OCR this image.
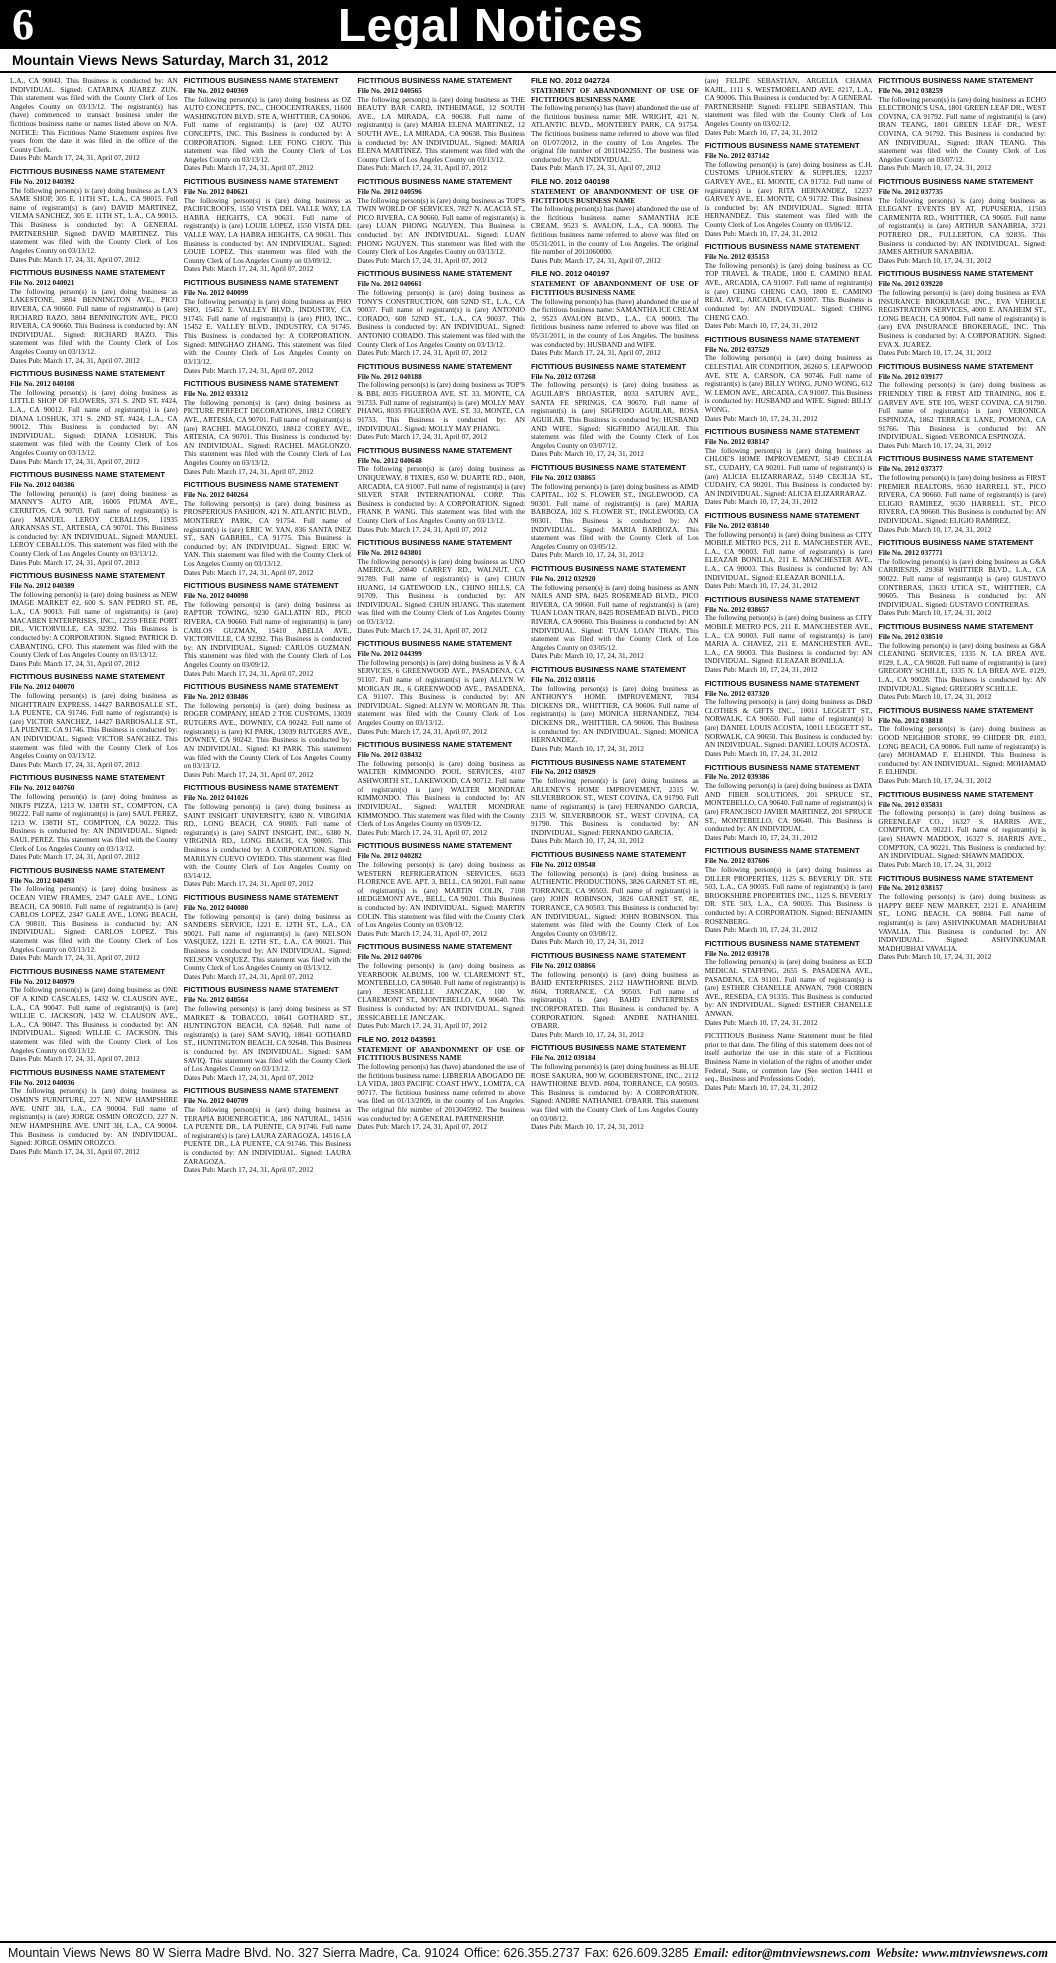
6	Legal Notices
Mountain Views News Saturday, March 31, 2012
L.A., CA 90043. This Business is conducted by: AN INDIVIDUAL. Signed: CATARINA JUAREZ ZUN. This statement was filed with the County Clerk of Los Angeles County on 03/13/12. The registrant(s) has (have) commenced to transact business under the fictitious business name or names listed above on N/A. NOTICE: This Fictitious Name Statement expires five years from the date it was filed in the office of the County Clerk.
Dates Pub: March 17, 24, 31, April 07, 2012
FICTITIOUS BUSINESS NAME STATEMENT
File No. 2012 040392
The following person(s) is (are) doing business as LA'S SAME SHOP, 305 E. 11TH ST., L.A., CA 90015. Full name of registrant(s) is (are) DAVID MARTINEZ, VILMA SANCHEZ, 305 E. 11TH ST., L.A., CA 90015. This Business is conducted by: A GENERAL PARTNERSHIP. Signed: DAVID MARTINEZ. This statement was filed with the County Clerk of Los Angeles County on 03/13/12.
Dates Pub: March 17, 24, 31, April 07, 2012
FICTITIOUS BUSINESS NAME STATEMENT
File No. 2012 040021
The following person(s) is (are) doing business as LAKESTONE, 3804 BENNINGTON AVE., PICO RIVERA, CA 90660. Full name of registrant(s) is (are) RICHARD RAZO, 3804 BENNINGTON AVE., PICO RIVERA, CA 90660. This Business is conducted by: AN INDIVIDUAL. Signed: RICHARD RAZO. This statement was filed with the County Clerk of Los Angeles County on 03/13/12.
Dates Pub: March 17, 24, 31, April 07, 2012
FICTITIOUS BUSINESS NAME STATEMENT
File No. 2012 040108
The following person(s) is (are) doing business as LITTLE SHOP OF FLOWERS, 371 S. 2ND ST. #424, L.A., CA 90012. Full name of registrant(s) is (are) DIANA LOSHUK, 371 S. 2ND ST. #424, L.A., CA 90012. This Business is conducted by: AN INDIVIDUAL. Signed: DIANA LOSHUK. This statement was filed with the County Clerk of Los Angeles County on 03/13/12.
Dates Pub: March 17, 24, 31, April 07, 2012
FICTITIOUS BUSINESS NAME STATEMENT
File No. 2012 040386
The following person(s) is (are) doing business as MANNY'S AUTO AIR, 16005 PIUMA AVE., CERRITOS, CA 90703. Full name of registrant(s) is (are) MANUEL LEROY CEBALLOS, 11935 ARKANSAS ST., ARTESIA, CA 90701. This Business is conducted by: AN INDIVIDUAL. Signed: MANUEL LEROY CEBALLOS. This statement was filed with the County Clerk of Los Angeles County on 03/13/12.
Dates Pub: March 17, 24, 31, April 07, 2012
FICTITIOUS BUSINESS NAME STATEMENT
File No. 2012 040389
The following person(s) is (are) doing business as NEW IMAGE MARKET #2, 600 S. SAN PEDRO ST. #E, L.A., CA 90013. Full name of registrant(s) is (are) MACABEN ENTERPRISES, INC., 12259 FREE PORT DR., VICTORVILLE, CA 92392. This Business is conducted by: A CORPORATION. Signed: PATRICK D. CABANTING, CFO. This statement was filed with the County Clerk of Los Angeles County on 03/13/12.
Dates Pub: March 17, 24, 31, April 07, 2012
FICTITIOUS BUSINESS NAME STATEMENT
File No. 2012 040070
The following person(s) is (are) doing business as NIGHTTRAIN EXPRESS, 14427 BARBOSALLE ST., LA PUENTE, CA 91746. Full name of registrant(s) is (are) VICTOR SANCHEZ, 14427 BARBOSALLE ST., LA PUENTE, CA 91746. This Business is conducted by: AN INDIVIDUAL. Signed: VICTOR SANCHEZ. This statement was filed with the County Clerk of Los Angeles County on 03/13/12.
Dates Pub: March 17, 24, 31, April 07, 2012
FICTITIOUS BUSINESS NAME STATEMENT
File No. 2012 040760
The following person(s) is (are) doing business as NIKI'S PIZZA, 1213 W. 138TH ST., COMPTON, CA 90222. Full name of registrant(s) is (are) SAUL PEREZ, 1213 W. 138TH ST., COMPTON, CA 90222. This Business is conducted by: AN INDIVIDUAL. Signed: SAUL PEREZ. This statement was filed with the County Clerk of Los Angeles County on 03/13/12.
Dates Pub: March 17, 24, 31, April 07, 2012
FICTITIOUS BUSINESS NAME STATEMENT
File No. 2012 040493
The following person(s) is (are) doing business as OCEAN VIEW FRAMES, 2347 GALE AVE., LONG BEACH, CA 90810. Full name of registrant(s) is (are) CARLOS LOPEZ, 2347 GALE AVE., LONG BEACH, CA 90810. This Business is conducted by: AN INDIVIDUAL. Signed: CARLOS LOPEZ. This statement was filed with the County Clerk of Los Angeles County on 03/13/12.
Dates Pub: March 17, 24, 31, April 07, 2012
FICTITIOUS BUSINESS NAME STATEMENT
File No. 2012 040979
The following person(s) is (are) doing business as ONE OF A KIND CASCALES, 1432 W. CLAUSON AVE., L.A., CA 90047. Full name of registrant(s) is (are) WILLIE C. JACKSON, 1432 W. CLAUSON AVE., L.A., CA 90047. This Business is conducted by: AN INDIVIDUAL. Signed: WILLIE C. JACKSON. This statement was filed with the County Clerk of Los Angeles County on 03/13/12.
Dates Pub: March 17, 24, 31, April 07, 2012
FICTITIOUS BUSINESS NAME STATEMENT
File No. 2012 040036
The following person(s) is (are) doing business as OSMIN'S FURNITURE, 227 N. NEW HAMPSHIRE AVE. UNIT 3H, L.A., CA 90004. Full name of registrant(s) is (are) JORGE OSMIN OROZCO, 227 N. NEW HAMPSHIRE AVE. UNIT 3H, L.A., CA 90004. This Business is conducted by: AN INDIVIDUAL. Signed: JORGE OSMIN OROZCO.
Dates Pub: March 17, 24, 31, April 07, 2012
FICTITIOUS BUSINESS NAME STATEMENT
File No. 2012 040369
The following person(s) is (are) doing business as OZ AUTO CONCEPTS, INC., CHOOCENTRAKES, 11600 WASHINGTON BLVD. STE A, WHITTIER, CA 90606. Full name of registrant(s) is (are) OZ AUTO CONCEPTS, INC. This Business is conducted by: A CORPORATION. Signed: LEE FONG CHOY. This statement was filed with the County Clerk of Los Angeles County on 03/13/12.
Dates Pub: March 17, 24, 31, April 07, 2012
FICTITIOUS BUSINESS NAME STATEMENT
File No. 2012 040621
The following person(s) is (are) doing business as PACIFICROOFS, 1550 VISTA DEL VALLE WAY, LA HABRA HEIGHTS, CA 90631. Full name of registrant(s) is (are) LOUIE LOPEZ, 1550 VISTA DEL VALLE WAY, LA HABRA HEIGHTS, CA 90631. This Business is conducted by: AN INDIVIDUAL. Signed: LOUIE LOPEZ. This statement was filed with the County Clerk of Los Angeles County on 03/09/12.
Dates Pub: March 17, 24, 31, April 07, 2012
FICTITIOUS BUSINESS NAME STATEMENT
File No. 2012 040099
The following person(s) is (are) doing business as PHO SHO, 15452 E. VALLEY BLVD., INDUSTRY, CA 91745. Full name of registrant(s) is (are) PHO, INC., 15452 E. VALLEY BLVD., INDUSTRY, CA 91745. This Business is conducted by: A CORPORATION. Signed: MINGHAO ZHANG. This statement was filed with the County Clerk of Los Angeles County on 03/13/12.
Dates Pub: March 17, 24, 31, April 07, 2012
FICTITIOUS BUSINESS NAME STATEMENT
File No. 2012 033312
The following person(s) is (are) doing business as PICTURE PERFECT DECORATIONS, 18812 COREY AVE., ARTESIA, CA 90701. Full name of registrant(s) is (are) RACHEL MAGLONZO, 18812 COREY AVE., ARTESIA, CA 90701. This Business is conducted by: AN INDIVIDUAL. Signed: RACHEL MAGLONZO. This statement was filed with the County Clerk of Los Angeles County on 03/13/12.
Dates Pub: March 17, 24, 31, April 07, 2012
FICTITIOUS BUSINESS NAME STATEMENT
File No. 2012 040264
The following person(s) is (are) doing business as PROSPERIOUS FASHION, 421 N. ATLANTIC BLVD., MONTEREY PARK, CA 91754. Full name of registrant(s) is (are) ERIC W. YAN, 836 SANTA INEZ ST., SAN GABRIEL, CA 91775. This Business is conducted by: AN INDIVIDUAL. Signed: ERIC W. YAN. This statement was filed with the County Clerk of Los Angeles County on 03/13/12.
Dates Pub: March 17, 24, 31, April 07, 2012
FICTITIOUS BUSINESS NAME STATEMENT
File No. 2012 040098
The following person(s) is (are) doing business as RAPTOR TOWING, 9230 GALLATIN RD., PICO RIVERA, CA 90660. Full name of registrant(s) is (are) CARLOS GUZMAN, 15410 ABELIA AVE., VICTORVILLE, CA 92392. This Business is conducted by: AN INDIVIDUAL. Signed: CARLOS GUZMAN. This statement was filed with the County Clerk of Los Angeles County on 03/09/12.
Dates Pub: March 17, 24, 31, April 07, 2012
FICTITIOUS BUSINESS NAME STATEMENT
File No. 2012 038486
The following person(s) is (are) doing business as ROGER COMPANY, HEAD 2 TOE CUSTOMS, 13039 RUTGERS AVE., DOWNEY, CA 90242. Full name of registrant(s) is (are) KI PARK, 13039 RUTGERS AVE., DOWNEY, CA 90242. This Business is conducted by: AN INDIVIDUAL. Signed: KI PARK. This statement was filed with the County Clerk of Los Angeles County on 03/13/12.
Dates Pub: March 17, 24, 31, April 07, 2012
FICTITIOUS BUSINESS NAME STATEMENT
File No. 2012 041026
The following person(s) is (are) doing business as SAINT INSIGHT UNIVERSITY, 6380 N. VIRGINIA RD., LONG BEACH, CA 90805. Full name of registrant(s) is (are) SAINT INSIGHT, INC., 6380 N. VIRGINIA RD., LONG BEACH, CA 90805. This Business is conducted by: A CORPORATION. Signed: MARILYN CUEVO OVIEDO. This statement was filed with the County Clerk of Los Angeles County on 03/14/12.
Dates Pub: March 17, 24, 31, April 07, 2012
FICTITIOUS BUSINESS NAME STATEMENT
File No. 2012 040080
The following person(s) is (are) doing business as SANDERS SERVICE, 1221 E. 12TH ST., L.A., CA 90021. Full name of registrant(s) is (are) NELSON VASQUEZ, 1221 E. 12TH ST., L.A., CA 90021. This Business is conducted by: AN INDIVIDUAL. Signed: NELSON VASQUEZ. This statement was filed with the County Clerk of Los Angeles County on 03/13/12.
Dates Pub: March 17, 24, 31, April 07, 2012
FICTITIOUS BUSINESS NAME STATEMENT
File No. 2012 040564
The following person(s) is (are) doing business as ST MARKET & TOBACCO, 18641 GOTHARD ST., HUNTINGTON BEACH, CA 92648. Full name of registrant(s) is (are) SAM SAVIQ, 18641 GOTHARD ST., HUNTINGTON BEACH, CA 92648. This Business is conducted by: AN INDIVIDUAL. Signed: SAM SAVIQ. This statement was filed with the County Clerk of Los Angeles County on 03/13/12.
Dates Pub: March 17, 24, 31, April 07, 2012
FICTITIOUS BUSINESS NAME STATEMENT
File No. 2012 040709
The following person(s) is (are) doing business as TERAPIA BIOENERGETICA, 186 NATURAL, 14516 LA PUENTE DR., LA PUENTE, CA 91746. Full name of registrant(s) is (are) LAURA ZARAGOZA, 14516 LA PUENTE DR., LA PUENTE, CA 91746. This Business is conducted by: AN INDIVIDUAL. Signed: LAURA ZARAGOZA.
Dates Pub: March 17, 24, 31, April 07, 2012
FICTITIOUS BUSINESS NAME STATEMENT
File No. 2012 040565
The following person(s) is (are) doing business as THE BEAUTY BAR CARD, INTHEIMAGE, 12 SOUTH AVE., LA MIRADA, CA 90638. Full name of registrant(s) is (are) MARIA ELENA MARTINEZ, 12 SOUTH AVE., LA MIRADA, CA 90638. This Business is conducted by: AN INDIVIDUAL. Signed: MARIA ELENA MARTINEZ. This statement was filed with the County Clerk of Los Angeles County on 03/13/12.
Dates Pub: March 17, 24, 31, April 07, 2012
FICTITIOUS BUSINESS NAME STATEMENT
File No. 2012 040596
The following person(s) is (are) doing business as TOP'S TWIN WORLD OF SERVICES, 7827 N. ACACIA ST., PICO RIVERA, CA 90660. Full name of registrant(s) is (are) LUAN PHONG NGUYEN. This Business is conducted by: AN INDIVIDUAL. Signed: LUAN PHONG NGUYEN. This statement was filed with the County Clerk of Los Angeles County on 03/13/12.
Dates Pub: March 17, 24, 31, April 07, 2012
FICTITIOUS BUSINESS NAME STATEMENT
File No. 2012 040661
The following person(s) is (are) doing business as TONY'S CONSTRUCTION, 608 52ND ST., L.A., CA 90037. Full name of registrant(s) is (are) ANTONIO CORADO, 608 52ND ST., L.A., CA 90037. This Business is conducted by: AN INDIVIDUAL. Signed: ANTONIO CORADO. This statement was filed with the County Clerk of Los Angeles County on 03/13/12.
Dates Pub: March 17, 24, 31, April 07, 2012
FICTITIOUS BUSINESS NAME STATEMENT
File No. 2012 040188
The following person(s) is (are) doing business as TOP'S & BBI, 8035 FIGUEROA AVE. ST. 33, MONTE, CA 91733. Full name of registrant(s) is (are) MOLLY MAY PHANG, 8035 FIGUEROA AVE. ST. 33, MONTE, CA 91733. This Business is conducted by: AN INDIVIDUAL. Signed: MOLLY MAY PHANG.
Dates Pub: March 17, 24, 31, April 07, 2012
FICTITIOUS BUSINESS NAME STATEMENT
File No. 2012 040648
The following person(s) is (are) doing business as UNIQUEWAY, 8 TIXIES, 650 W. DUARTE RD., #408, ARCADIA, CA 91007. Full name of registrant(s) is (are) SILVER STAR INTERNATIONAL CORP. This Business is conducted by: A CORPORATION. Signed: FRANK P. WANG. This statement was filed with the County Clerk of Los Angeles County on 03/13/12.
Dates Pub: March 17, 24, 31, April 07, 2012
FICTITIOUS BUSINESS NAME STATEMENT
File No. 2012 043801
The following person(s) is (are) doing business as UNO AMERICA, 20840 CARREY RD., WALNUT, CA 91789. Full name of registrant(s) is (are) CHUN HUANG, 14 GATEWOOD LN., CHINO HILLS, CA 91709. This Business is conducted by: AN INDIVIDUAL. Signed: CHUN HUANG. This statement was filed with the County Clerk of Los Angeles County on 03/13/12.
Dates Pub: March 17, 24, 31, April 07, 2012
FICTITIOUS BUSINESS NAME STATEMENT
File No. 2012 044399
The following person(s) is (are) doing business as V & A SERVICES, 6 GREENWOOD AVE., PASADENA, CA 91107. Full name of registrant(s) is (are) ALLYN W. MORGAN JR., 6 GREENWOOD AVE., PASADENA, CA 91107. This Business is conducted by: AN INDIVIDUAL. Signed: ALLYN W. MORGAN JR. This statement was filed with the County Clerk of Los Angeles County on 03/13/12.
Dates Pub: March 17, 24, 31, April 07, 2012
FICTITIOUS BUSINESS NAME STATEMENT
File No. 2012 038432
The following person(s) is (are) doing business as WALTER KIMMONDO POOL SERVICES, 4107 ASHWORTH ST., LAKEWOOD, CA 90712. Full name of registrant(s) is (are) WALTER MONDRAE KIMMONDO. This Business is conducted by: AN INDIVIDUAL. Signed: WALTER MONDRAE KIMMONDO. This statement was filed with the County Clerk of Los Angeles County on 03/09/12.
Dates Pub: March 17, 24, 31, April 07, 2012
FICTITIOUS BUSINESS NAME STATEMENT
File No. 2012 040282
The following person(s) is (are) doing business as WESTERN REFRIGERATION SERVICES, 6633 FLORENCE AVE. APT. 3, BELL, CA 90201. Full name of registrant(s) is (are) MARTIN COLIN, 7108 HEDGEMONT AVE., BELL, CA 90201. This Business is conducted by: AN INDIVIDUAL. Signed: MARTIN COLIN. This statement was filed with the County Clerk of Los Angeles County on 03/09/12.
Dates Pub: March 17, 24, 31, April 07, 2012
FICTITIOUS BUSINESS NAME STATEMENT
File No. 2012 040706
The following person(s) is (are) doing business as YEARBOOK ALBUMS, 100 W. CLAREMONT ST., MONTEBELLO, CA 90640. Full name of registrant(s) is (are) JESSICABELLE JANCZAK, 100 W. CLAREMONT ST., MONTEBELLO, CA 90640. This Business is conducted by: AN INDIVIDUAL. Signed: JESSICABELLE JANCZAK.
Dates Pub: March 17, 24, 31, April 07, 2012
FILE NO. 2012 043591
STATEMENT OF ABANDONMENT OF USE OF FICTITIOUS BUSINESS NAME
The following person(s) has (have) abandoned the use of the fictitious business name: LIBRERIA ABOGADO DE LA VIDA, 1803 PACIFIC COAST HWY., LOMITA, CA 90717. The fictitious business name referred to above was filed on 01/13/2009, in the county of Los Angeles. The original file number of 2013045992. The business was conducted by: A GENERAL PARTNERSHIP.
Dates Pub: March 17, 24, 31, April 07, 2012
FILE NO. 2012 042724
STATEMENT OF ABANDONMENT OF USE OF FICTITIOUS BUSINESS NAME
The following person(s) has (have) abandoned the use of the fictitious business name: MR. WRIGHT, 421 N. ATLANTIC BLVD., MONTEREY PARK, CA 91754. The fictitious business name referred to above was filed on 01/07/2012, in the county of Los Angeles. The original file number of 2011042255. The business was conducted by: AN INDIVIDUAL.
Dates Pub: March 17, 24, 31, April 07, 2012
FILE NO. 2012 040198
STATEMENT OF ABANDONMENT OF USE OF FICTITIOUS BUSINESS NAME
The following person(s) has (have) abandoned the use of the fictitious business name: SAMANTHA ICE CREAM, 9523 S. AVALON, L.A., CA 90003. The fictitious business name referred to above was filed on 05/31/2011, in the county of Los Angeles. The original file number of 2011060000.
Dates Pub: March 17, 24, 31, April 07, 2012
FILE NO. 2012 040197
STATEMENT OF ABANDONMENT OF USE OF FICTITIOUS BUSINESS NAME
The following person(s) has (have) abandoned the use of the fictitious business name: SAMANTHA ICE CREAM 2, 9523 AVALON BLVD., L.A., CA 90003. The fictitious business name referred to above was filed on 05/31/2011, in the county of Los Angeles. The business was conducted by: HUSBAND and WIFE.
Dates Pub: March 17, 24, 31, April 07, 2012
FICTITIOUS BUSINESS NAME STATEMENT
File No. 2012 037268
The following person(s) is (are) doing business as AGUILAR'S BROASTER, 8033 SATURN AVE., SANTA FE SPRINGS, CA 90670. Full name of registrant(s) is (are) SIGFRIDO AGUILAR, ROSA AGUILAR. This Business is conducted by: HUSBAND AND WIFE. Signed: SIGFRIDO AGUILAR. This statement was filed with the County Clerk of Los Angeles County on 03/07/12.
Dates Pub: March 10, 17, 24, 31, 2012
FICTITIOUS BUSINESS NAME STATEMENT
File No. 2012 038865
The following person(s) is (are) doing business as AIMD CAPITAL, 102 S. FLOWER ST., INGLEWOOD, CA 90301. Full name of registrant(s) is (are) MARIA BARBOZA, 102 S. FLOWER ST., INGLEWOOD, CA 90301. This Business is conducted by: AN INDIVIDUAL. Signed: MARIA BARBOZA. This statement was filed with the County Clerk of Los Angeles County on 03/05/12.
Dates Pub: March 10, 17, 24, 31, 2012
FICTITIOUS BUSINESS NAME STATEMENT
File No. 2012 032920
The following person(s) is (are) doing business as ANN NAILS AND SPA, 8425 ROSEMEAD BLVD., PICO RIVERA, CA 90660. Full name of registrant(s) is (are) TUAN LOAN TRAN, 8425 ROSEMEAD BLVD., PICO RIVERA, CA 90660. This Business is conducted by: AN INDIVIDUAL. Signed: TUAN LOAN TRAN. This statement was filed with the County Clerk of Los Angeles County on 03/05/12.
Dates Pub: March 10, 17, 24, 31, 2012
FICTITIOUS BUSINESS NAME STATEMENT
File No. 2012 038116
The following person(s) is (are) doing business as ANTHONY'S HOME IMPROVEMENT, 7834 DICKENS DR., WHITTIER, CA 90606. Full name of registrant(s) is (are) MONICA HERNANDEZ, 7834 DICKENS DR., WHITTIER, CA 90606. This Business is conducted by: AN INDIVIDUAL. Signed: MONICA HERNANDEZ.
Dates Pub: March 10, 17, 24, 31, 2012
FICTITIOUS BUSINESS NAME STATEMENT
File No. 2012 038929
The following person(s) is (are) doing business as ARLENEY'S HOME IMPROVEMENT, 2315 W. SILVERBROOK ST., WEST COVINA, CA 91790. Full name of registrant(s) is (are) FERNANDO GARCIA, 2315 W. SILVERBROOK ST., WEST COVINA, CA 91790. This Business is conducted by: AN INDIVIDUAL. Signed: FERNANDO GARCIA.
Dates Pub: March 10, 17, 24, 31, 2012
FICTITIOUS BUSINESS NAME STATEMENT
File No. 2012 039548
The following person(s) is (are) doing business as AUTHENTIC PRODUCTIONS, 3826 GARNET ST. #E, TORRANCE, CA 90503. Full name of registrant(s) is (are) JOHN ROBINSON, 3826 GARNET ST. #E, TORRANCE, CA 90503. This Business is conducted by: AN INDIVIDUAL. Signed: JOHN ROBINSON. This statement was filed with the County Clerk of Los Angeles County on 03/08/12.
Dates Pub: March 10, 17, 24, 31, 2012
FICTITIOUS BUSINESS NAME STATEMENT
File No. 2012 038866
The following person(s) is (are) doing business as BAHD ENTERPRISES, 2112 HAWTHORNE BLVD. #604, TORRANCE, CA 90503. Full name of registrant(s) is (are) BAHD ENTERPRISES INCORPORATED. This Business is conducted by: A CORPORATION. Signed: ANDRE NATHANIEL O'BARR.
Dates Pub: March 10, 17, 24, 31, 2012
FICTITIOUS BUSINESS NAME STATEMENT
File No. 2012 039184
The following person(s) is (are) doing business as BLUE ROSE SAKURA, 900 W. GOOBERSTONE, INC., 2112 HAWTHORNE BLVD. #604, TORRANCE, CA 90503. This Business is conducted by: A CORPORATION. Signed: ANDRE NATHANIEL O'BARR. This statement was filed with the County Clerk of Los Angeles County on 03/08/12.
Dates Pub: March 10, 17, 24, 31, 2012
(are) FELIPE SEBASTIAN, ARGELIA CHAMA KAJIL, 1111 S. WESTMORELAND AVE. #217, L.A., CA 90006. This Business is conducted by: A GENERAL PARTNERSHIP. Signed: FELIPE SEBASTIAN. This statement was filed with the County Clerk of Los Angeles County on 03/02/12.
Dates Pub: March 10, 17, 24, 31, 2012
FICTITIOUS BUSINESS NAME STATEMENT
File No. 2012 037142
The following person(s) is (are) doing business as C.H. CUSTOMS UPHOLSTERY & SUPPLIES, 12237 GARVEY AVE., EL MONTE, CA 91732. Full name of registrant(s) is (are) RITA HERNANDEZ, 12237 GARVEY AVE., EL MONTE, CA 91732. This Business is conducted by: AN INDIVIDUAL. Signed: RITA HERNANDEZ. This statement was filed with the County Clerk of Los Angeles County on 03/06/12.
Dates Pub: March 10, 17, 24, 31, 2012
FICTITIOUS BUSINESS NAME STATEMENT
File No. 2012 035153
The following person(s) is (are) doing business as CC TOP TRAVEL & TRADE, 1800 E. CAMINO REAL AVE., ARCADIA, CA 91007. Full name of registrant(s) is (are) CHING CHENG CAO, 1800 E. CAMINO REAL AVE., ARCADIA, CA 91007. This Business is conducted by: AN INDIVIDUAL. Signed: CHING CHENG CAO.
Dates Pub: March 10, 17, 24, 31, 2012
FICTITIOUS BUSINESS NAME STATEMENT
File No. 2012 037529
The following person(s) is (are) doing business as CELESTIAL AIR CONDITION, 26260 S. LEAPWOOD AVE. STE A, CARSON, CA 90746. Full name of registrant(s) is (are) BILLY WONG, JUNO WONG, 612 W. LEMON AVE., ARCADIA, CA 91007. This Business is conducted by: HUSBAND and WIFE. Signed: BILLY WONG.
Dates Pub: March 10, 17, 24, 31, 2012
FICTITIOUS BUSINESS NAME STATEMENT
File No. 2012 038147
The following person(s) is (are) doing business as CHLOE'S HOME IMPROVEMENT, 5149 CECILIA ST., CUDAHY, CA 90201. Full name of registrant(s) is (are) ALICIA ELIZARRARAZ, 5149 CECILIA ST., CUDAHY, CA 90201. This Business is conducted by: AN INDIVIDUAL. Signed: ALICIA ELIZARRARAZ.
Dates Pub: March 10, 17, 24, 31, 2012
FICTITIOUS BUSINESS NAME STATEMENT
File No. 2012 038140
The following person(s) is (are) doing business as CITY MOBILE METRO PCS, 211 E. MANCHESTER AVE., L.A., CA 90003. Full name of registrant(s) is (are) ELEAZAR BONILLA, 211 E. MANCHESTER AVE., L.A., CA 90003. This Business is conducted by: AN INDIVIDUAL. Signed: ELEAZAR BONILLA.
Dates Pub: March 10, 17, 24, 31, 2012
FICTITIOUS BUSINESS NAME STATEMENT
File No. 2012 038657
The following person(s) is (are) doing business as CITY MOBILE METRO PCS, 211 E. MANCHESTER AVE., L.A., CA 90003. Full name of registrant(s) is (are) MARIA A. CHAVEZ, 211 E. MANCHESTER AVE., L.A., CA 90003. This Business is conducted by: AN INDIVIDUAL. Signed: ELEAZAR BONILLA.
Dates Pub: March 10, 17, 24, 31, 2012
FICTITIOUS BUSINESS NAME STATEMENT
File No. 2012 037320
The following person(s) is (are) doing business as D&D CLOTHES & GIFTS INC., 10011 LEGGETT ST., NORWALK, CA 90650. Full name of registrant(s) is (are) DANIEL LOUIS ACOSTA, 10011 LEGGETT ST., NORWALK, CA 90650. This Business is conducted by: AN INDIVIDUAL. Signed: DANIEL LOUIS ACOSTA.
Dates Pub: March 10, 17, 24, 31, 2012
FICTITIOUS BUSINESS NAME STATEMENT
File No. 2012 039386
The following person(s) is (are) doing business as DATA AND FIBER SOLUTIONS, 201 SPRUCE ST., MONTEBELLO, CA 90640. Full name of registrant(s) is (are) FRANCISCO JAVIER MARTINEZ, 201 SPRUCE ST., MONTEBELLO, CA 90640. This Business is conducted by: AN INDIVIDUAL.
Dates Pub: March 10, 17, 24, 31, 2012
FICTITIOUS BUSINESS NAME STATEMENT
File No. 2012 037606
The following person(s) is (are) doing business as DILLER PROPERTIES, 1125 S. BEVERLY DR. STE 503, L.A., CA 90035. Full name of registrant(s) is (are) BROOKSHIRE PROPERTIES INC., 1125 S. BEVERLY DR. STE 503, L.A., CA 90035. This Business is conducted by: A CORPORATION. Signed: BENJAMIN ROSENBERG.
Dates Pub: March 10, 17, 24, 31, 2012
FICTITIOUS BUSINESS NAME STATEMENT
File No. 2012 039178
The following person(s) is (are) doing business as ECD MEDICAL STAFFING, 2655 S. PASADENA AVE., PASADENA, CA 91101. Full name of registrant(s) is (are) ESTHER CHANELLE ANWAN, 7908 CORBIN AVE., RESEDA, CA 91335. This Business is conducted by: AN INDIVIDUAL. Signed: ESTHER CHANELLE ANWAN.
Dates Pub: March 10, 17, 24, 31, 2012
FICTITIOUS Business Name Statement must be filed prior to that date. The filing of this statement does not of itself authorize the use in this state of a Fictitious Business Name in violation of the rights of another under Federal, State, or common law (See section 14411 et seq., Business and Professions Code).
Dates Pub: March 10, 17, 24, 31, 2012
FICTITIOUS BUSINESS NAME STATEMENT
File No. 2012 038259
The following person(s) is (are) doing business as ECHO ELECTRONICS USA, 1801 GREEN LEAF DR., WEST COVINA, CA 91792. Full name of registrant(s) is (are) IRAN TEANG, 1801 GREEN LEAF DR., WEST COVINA, CA 91792. This Business is conducted by: AN INDIVIDUAL. Signed: IRAN TEANG. This statement was filed with the County Clerk of Los Angeles County on 03/07/12.
Dates Pub: March 10, 17, 24, 31, 2012
FICTITIOUS BUSINESS NAME STATEMENT
File No. 2012 037735
The following person(s) is (are) doing business as ELEGANT EVENTS BY AT, PUPUSERIA, 11503 CARMENITA RD., WHITTIER, CA 90605. Full name of registrant(s) is (are) ARTHUR SANABRIA, 3721 POTRERO DR., FULLERTON, CA 92835. This Business is conducted by: AN INDIVIDUAL. Signed: JAMES ARTHUR SANABRIA.
Dates Pub: March 10, 17, 24, 31, 2012
FICTITIOUS BUSINESS NAME STATEMENT
File No. 2012 039220
The following person(s) is (are) doing business as EVA INSURANCE BROKERAGE INC., EVA VEHICLE REGISTRATION SERVICES, 4000 E. ANAHEIM ST., LONG BEACH, CA 90804. Full name of registrant(s) is (are) EVA INSURANCE BROKERAGE, INC. This Business is conducted by: A CORPORATION. Signed: EVA X. JUAREZ.
Dates Pub: March 10, 17, 24, 31, 2012
FICTITIOUS BUSINESS NAME STATEMENT
File No. 2012 039177
The following person(s) is (are) doing business as FRIENDLY TIRE & FIRST AID TRAINING, 806 E. GARVEY AVE. STE 105, WEST COVINA, CA 91790. Full name of registrant(s) is (are) VERONICA ESPINOZA, 1862 TERRACE LANE, POMONA, CA 91766. This Business is conducted by: AN INDIVIDUAL. Signed: VERONICA ESPINOZA.
Dates Pub: March 10, 17, 24, 31, 2012
FICTITIOUS BUSINESS NAME STATEMENT
File No. 2012 037377
The following person(s) is (are) doing business as FIRST PREMIER REALTORS, 9530 HARRELL ST., PICO RIVERA, CA 90660. Full name of registrant(s) is (are) ELIGIO RAMIREZ, 9530 HARRELL ST., PICO RIVERA, CA 90660. This Business is conducted by: AN INDIVIDUAL. Signed: ELIGIO RAMIREZ.
Dates Pub: March 10, 17, 24, 31, 2012
FICTITIOUS BUSINESS NAME STATEMENT
File No. 2012 037771
The following person(s) is (are) doing business as G&A CARRIESJIS, 29368 WHITTIER BLVD., L.A., CA 90022. Full name of registrant(s) is (are) GUSTAVO CONTRERAS, 13633 UTICA ST., WHITTIER, CA 90605. This Business is conducted by: AN INDIVIDUAL. Signed: GUSTAVO CONTRERAS.
Dates Pub: March 10, 17, 24, 31, 2012
FICTITIOUS BUSINESS NAME STATEMENT
File No. 2012 038510
The following person(s) is (are) doing business as G&A CLEANING SERVICES, 1335 N. LA BREA AVE. #129, L.A., CA 90028. Full name of registrant(s) is (are) GREGORY SCHILLE, 1335 N. LA BREA AVE. #129, L.A., CA 90028. This Business is conducted by: AN INDIVIDUAL. Signed: GREGORY SCHILLE.
Dates Pub: March 10, 17, 24, 31, 2012
FICTITIOUS BUSINESS NAME STATEMENT
File No. 2012 038818
The following person(s) is (are) doing business as GOOD NEIGHBOR STORE, 99 CHIDER DR. #103, LONG BEACH, CA 90806. Full name of registrant(s) is (are) MOHAMAD F. ELHINDI. This Business is conducted by: AN INDIVIDUAL. Signed: MOHAMAD F. ELHINDI.
Dates Pub: March 10, 17, 24, 31, 2012
FICTITIOUS BUSINESS NAME STATEMENT
File No. 2012 035831
The following person(s) is (are) doing business as GREENLEAF CO., 16327 S. HARRIS AVE., COMPTON, CA 90221. Full name of registrant(s) is (are) SHAWN MADDOX, 16327 S. HARRIS AVE., COMPTON, CA 90221. This Business is conducted by: AN INDIVIDUAL. Signed: SHAWN MADDOX.
Dates Pub: March 10, 17, 24, 31, 2012
FICTITIOUS BUSINESS NAME STATEMENT
File No. 2012 038157
The following person(s) is (are) doing business as HAPPY BEEF NEW MARKET, 2121 E. ANAHEIM ST., LONG BEACH, CA 90804. Full name of registrant(s) is (are) ASHVINKUMAR MADHUBHAI VAVALIA. This Business is conducted by: AN INDIVIDUAL. Signed: ASHVINKUMAR MADHUBHAI VAVALIA.
Dates Pub: March 10, 17, 24, 31, 2012
Mountain Views News 80 W Sierra Madre Blvd. No. 327 Sierra Madre, Ca. 91024 Office: 626.355.2737 Fax: 626.609.3285 Email: editor@mtnviewsnews.com Website: www.mtnviewsnews.com
